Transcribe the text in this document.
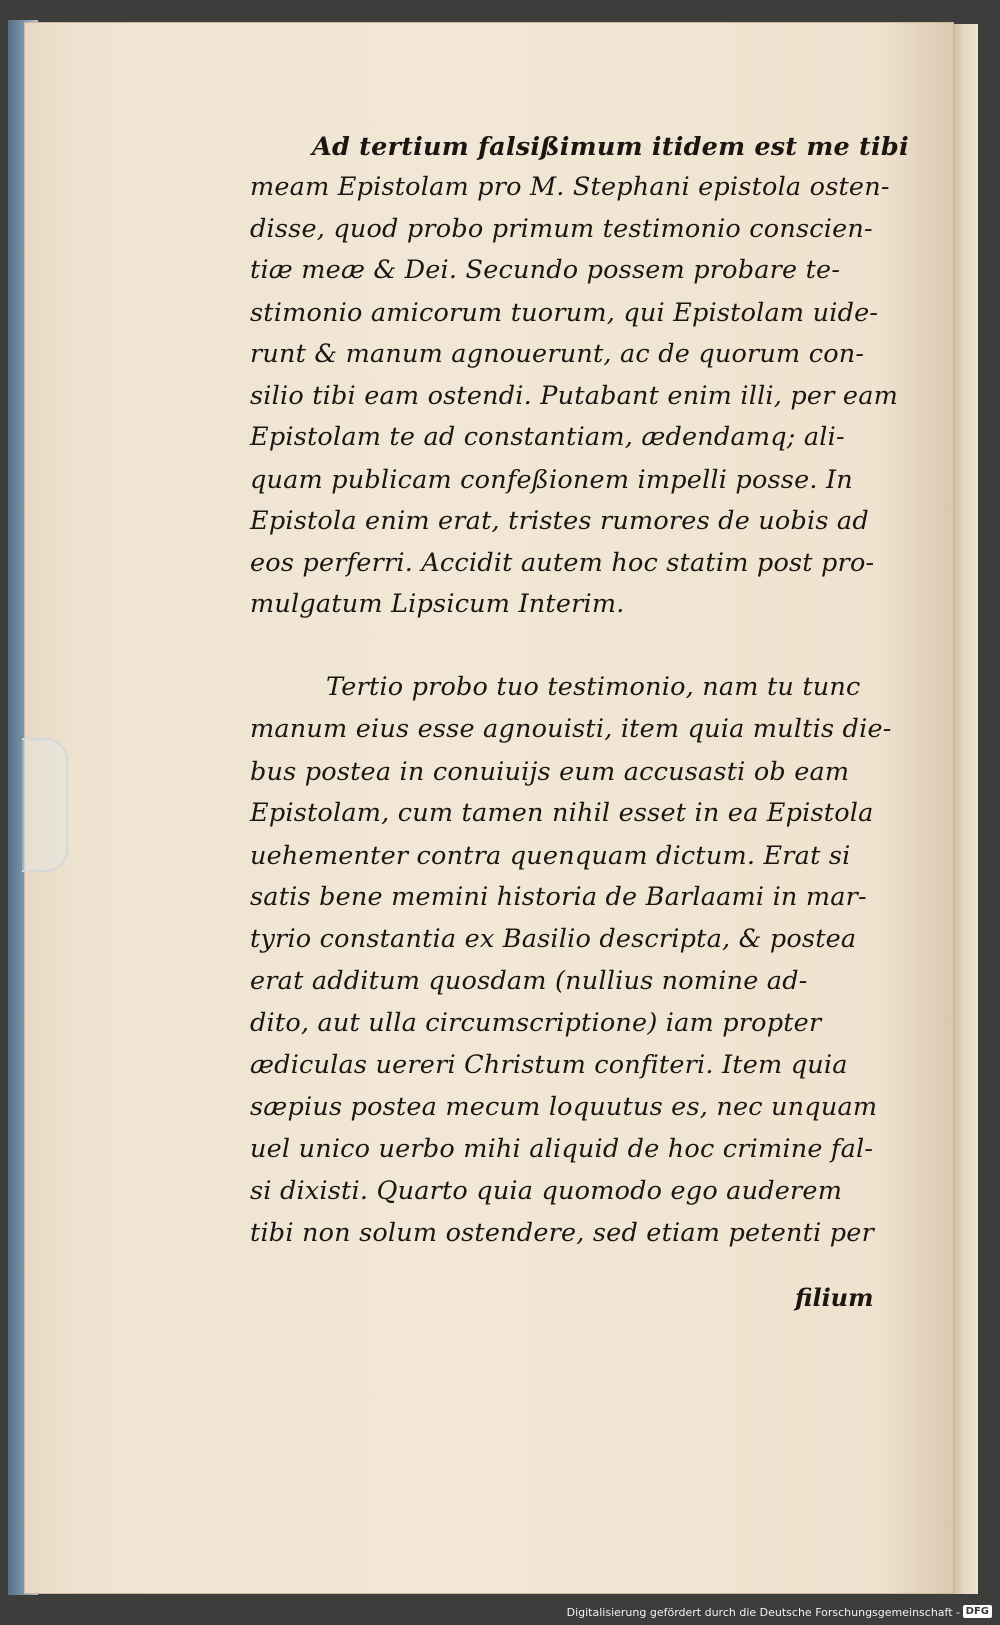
Ad tertium falsißimum itidem est me tibi
meam Epistolam pro M. Stephani epistola osten-
disse, quod probo primum testimonio conscien-
tiæ meæ & Dei. Secundo possem probare te-
stimonio amicorum tuorum, qui Epistolam uide-
runt & manum agnouerunt, ac de quorum con-
silio tibi eam ostendi. Putabant enim illi, per eam
Epistolam te ad constantiam, ædendamq; ali-
quam publicam confeßionem impelli posse. In
Epistola enim erat, tristes rumores de uobis ad
eos perferri. Accidit autem hoc statim post pro-
mulgatum Lipsicum Interim.
Tertio probo tuo testimonio, nam tu tunc
manum eius esse agnouisti, item quia multis die-
bus postea in conuiuijs eum accusasti ob eam
Epistolam, cum tamen nihil esset in ea Epistola
uehementer contra quenquam dictum. Erat si
satis bene memini historia de Barlaami in mar-
tyrio constantia ex Basilio descripta, & postea
erat additum quosdam (nullius nomine ad-
dito, aut ulla circumscriptione) iam propter
ædiculas uereri Christum confiteri. Item quia
sæpius postea mecum loquutus es, nec unquam
uel unico uerbo mihi aliquid de hoc crimine fal-
si dixisti. Quarto quia quomodo ego auderem
tibi non solum ostendere, sed etiam petenti per
filium
Digitalisierung gefördert durch die Deutsche Forschungsgemeinschaft - DFG
